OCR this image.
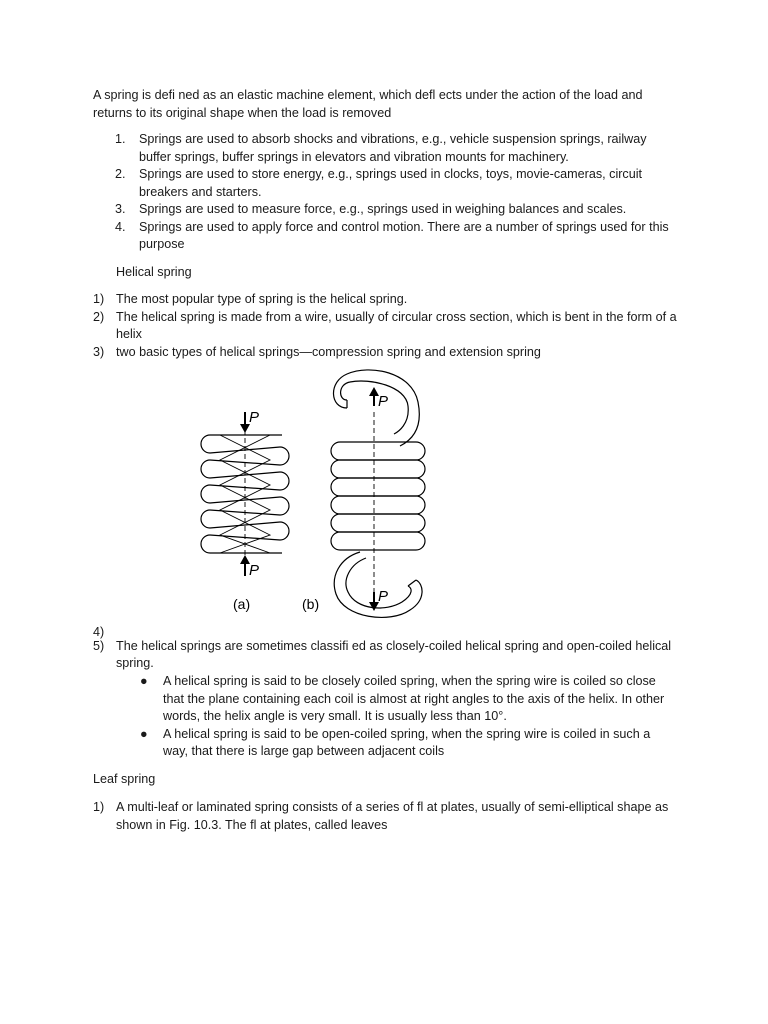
A spring is defi ned as an elastic machine element, which defl ects under the action of the load and returns to its original shape when the load is removed

1. Springs are used to absorb shocks and vibrations, e.g., vehicle suspension springs, railway buffer springs, buffer springs in elevators and vibration mounts for machinery.
2. Springs are used to store energy, e.g., springs used in clocks, toys, movie-cameras, circuit breakers and starters.
3. Springs are used to measure force, e.g., springs used in weighing balances and scales.
4. Springs are used to apply force and control motion. There are a number of springs used for this purpose
Helical spring
1) The most popular type of spring is the helical spring.
2) The helical spring is made from a wire, usually of circular cross section, which is bent in the form of a helix
3) two basic types of helical springs—compression spring and extension spring
P
P
(a)
P
P
(b)
4)
5) The helical springs are sometimes classifi ed as closely-coiled helical spring and open-coiled helical spring.
● A helical spring is said to be closely coiled spring, when the spring wire is coiled so close that the plane containing each coil is almost at right angles to the axis of the helix. In other words, the helix angle is very small. It is usually less than 10°.
● A helical spring is said to be open-coiled spring, when the spring wire is coiled in such a way, that there is large gap between adjacent coils
Leaf spring
1) A multi-leaf or laminated spring consists of a series of fl at plates, usually of semi-elliptical shape as shown in Fig. 10.3. The fl at plates, called leaves
